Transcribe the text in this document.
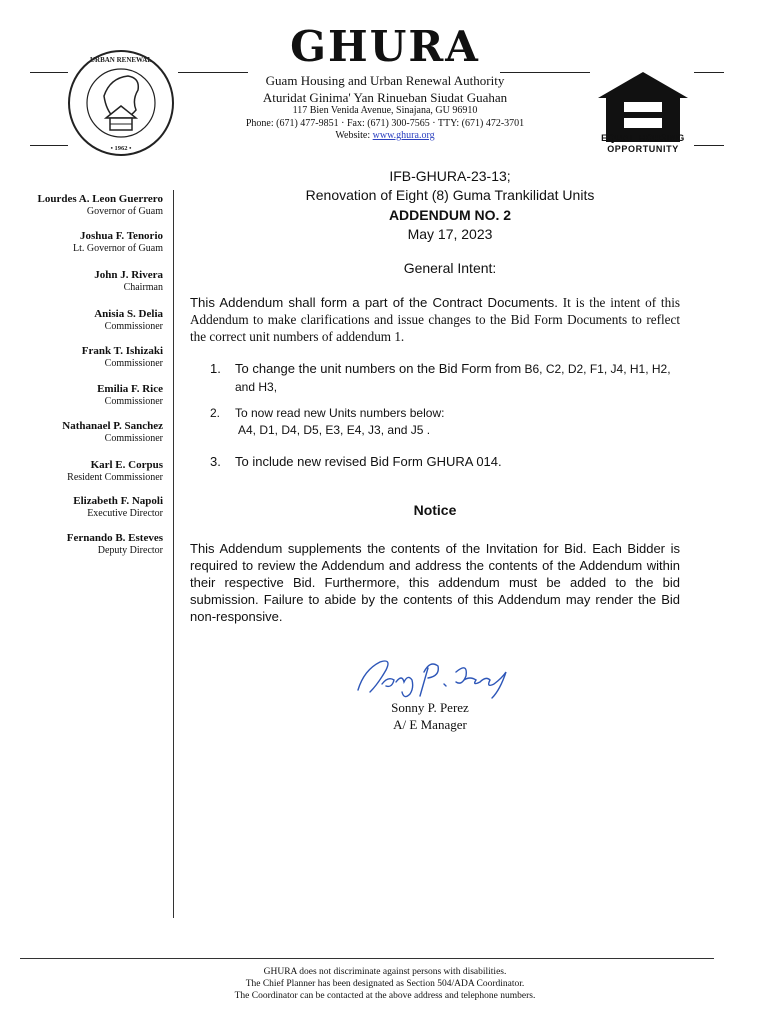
URBAN RENEWAL
• 1962 •
GHURA
Guam Housing and Urban Renewal Authority
Aturidat Ginima' Yan Rinueban Siudat Guahan
117 Bien Venida Avenue, Sinajana, GU 96910
Phone: (671) 477-9851 · Fax: (671) 300-7565 · TTY: (671) 472-3701
Website: www.ghura.org	EQUAL HOUSING
OPPORTUNITY
Lourdes A. Leon Guerrero
Governor of Guam
Joshua F. Tenorio
Lt. Governor of Guam
John J. Rivera
Chairman
Anisia S. Delia
Commissioner
Frank T. Ishizaki
Commissioner
Emilia F. Rice
Commissioner
Nathanael P. Sanchez
Commissioner
Karl E. Corpus
Resident Commissioner
Elizabeth F. Napoli
Executive Director
Fernando B. Esteves
Deputy Director
IFB-GHURA-23-13;
Renovation of Eight (8) Guma Trankilidat Units
ADDENDUM NO. 2
May 17, 2023
General Intent:
This Addendum shall form a part of the Contract Documents. It is the intent of this Addendum to make clarifications and issue changes to the Bid Form Documents to reflect the correct unit numbers of addendum 1.
1. To change the unit numbers on the Bid Form from B6, C2, D2, F1, J4, H1, H2, and H3,
2. To now read new Units numbers below:
A4, D1, D4, D5, E3, E4, J3, and J5 .
3. To include new revised Bid Form GHURA 014.
Notice
This Addendum supplements the contents of the Invitation for Bid. Each Bidder is required to review the Addendum and address the contents of the Addendum within their respective Bid. Furthermore, this addendum must be added to the bid submission. Failure to abide by the contents of this Addendum may render the Bid non-responsive.
Sonny P. Perez
A/ E Manager
GHURA does not discriminate against persons with disabilities.
The Chief Planner has been designated as Section 504/ADA Coordinator.
The Coordinator can be contacted at the above address and telephone numbers.
